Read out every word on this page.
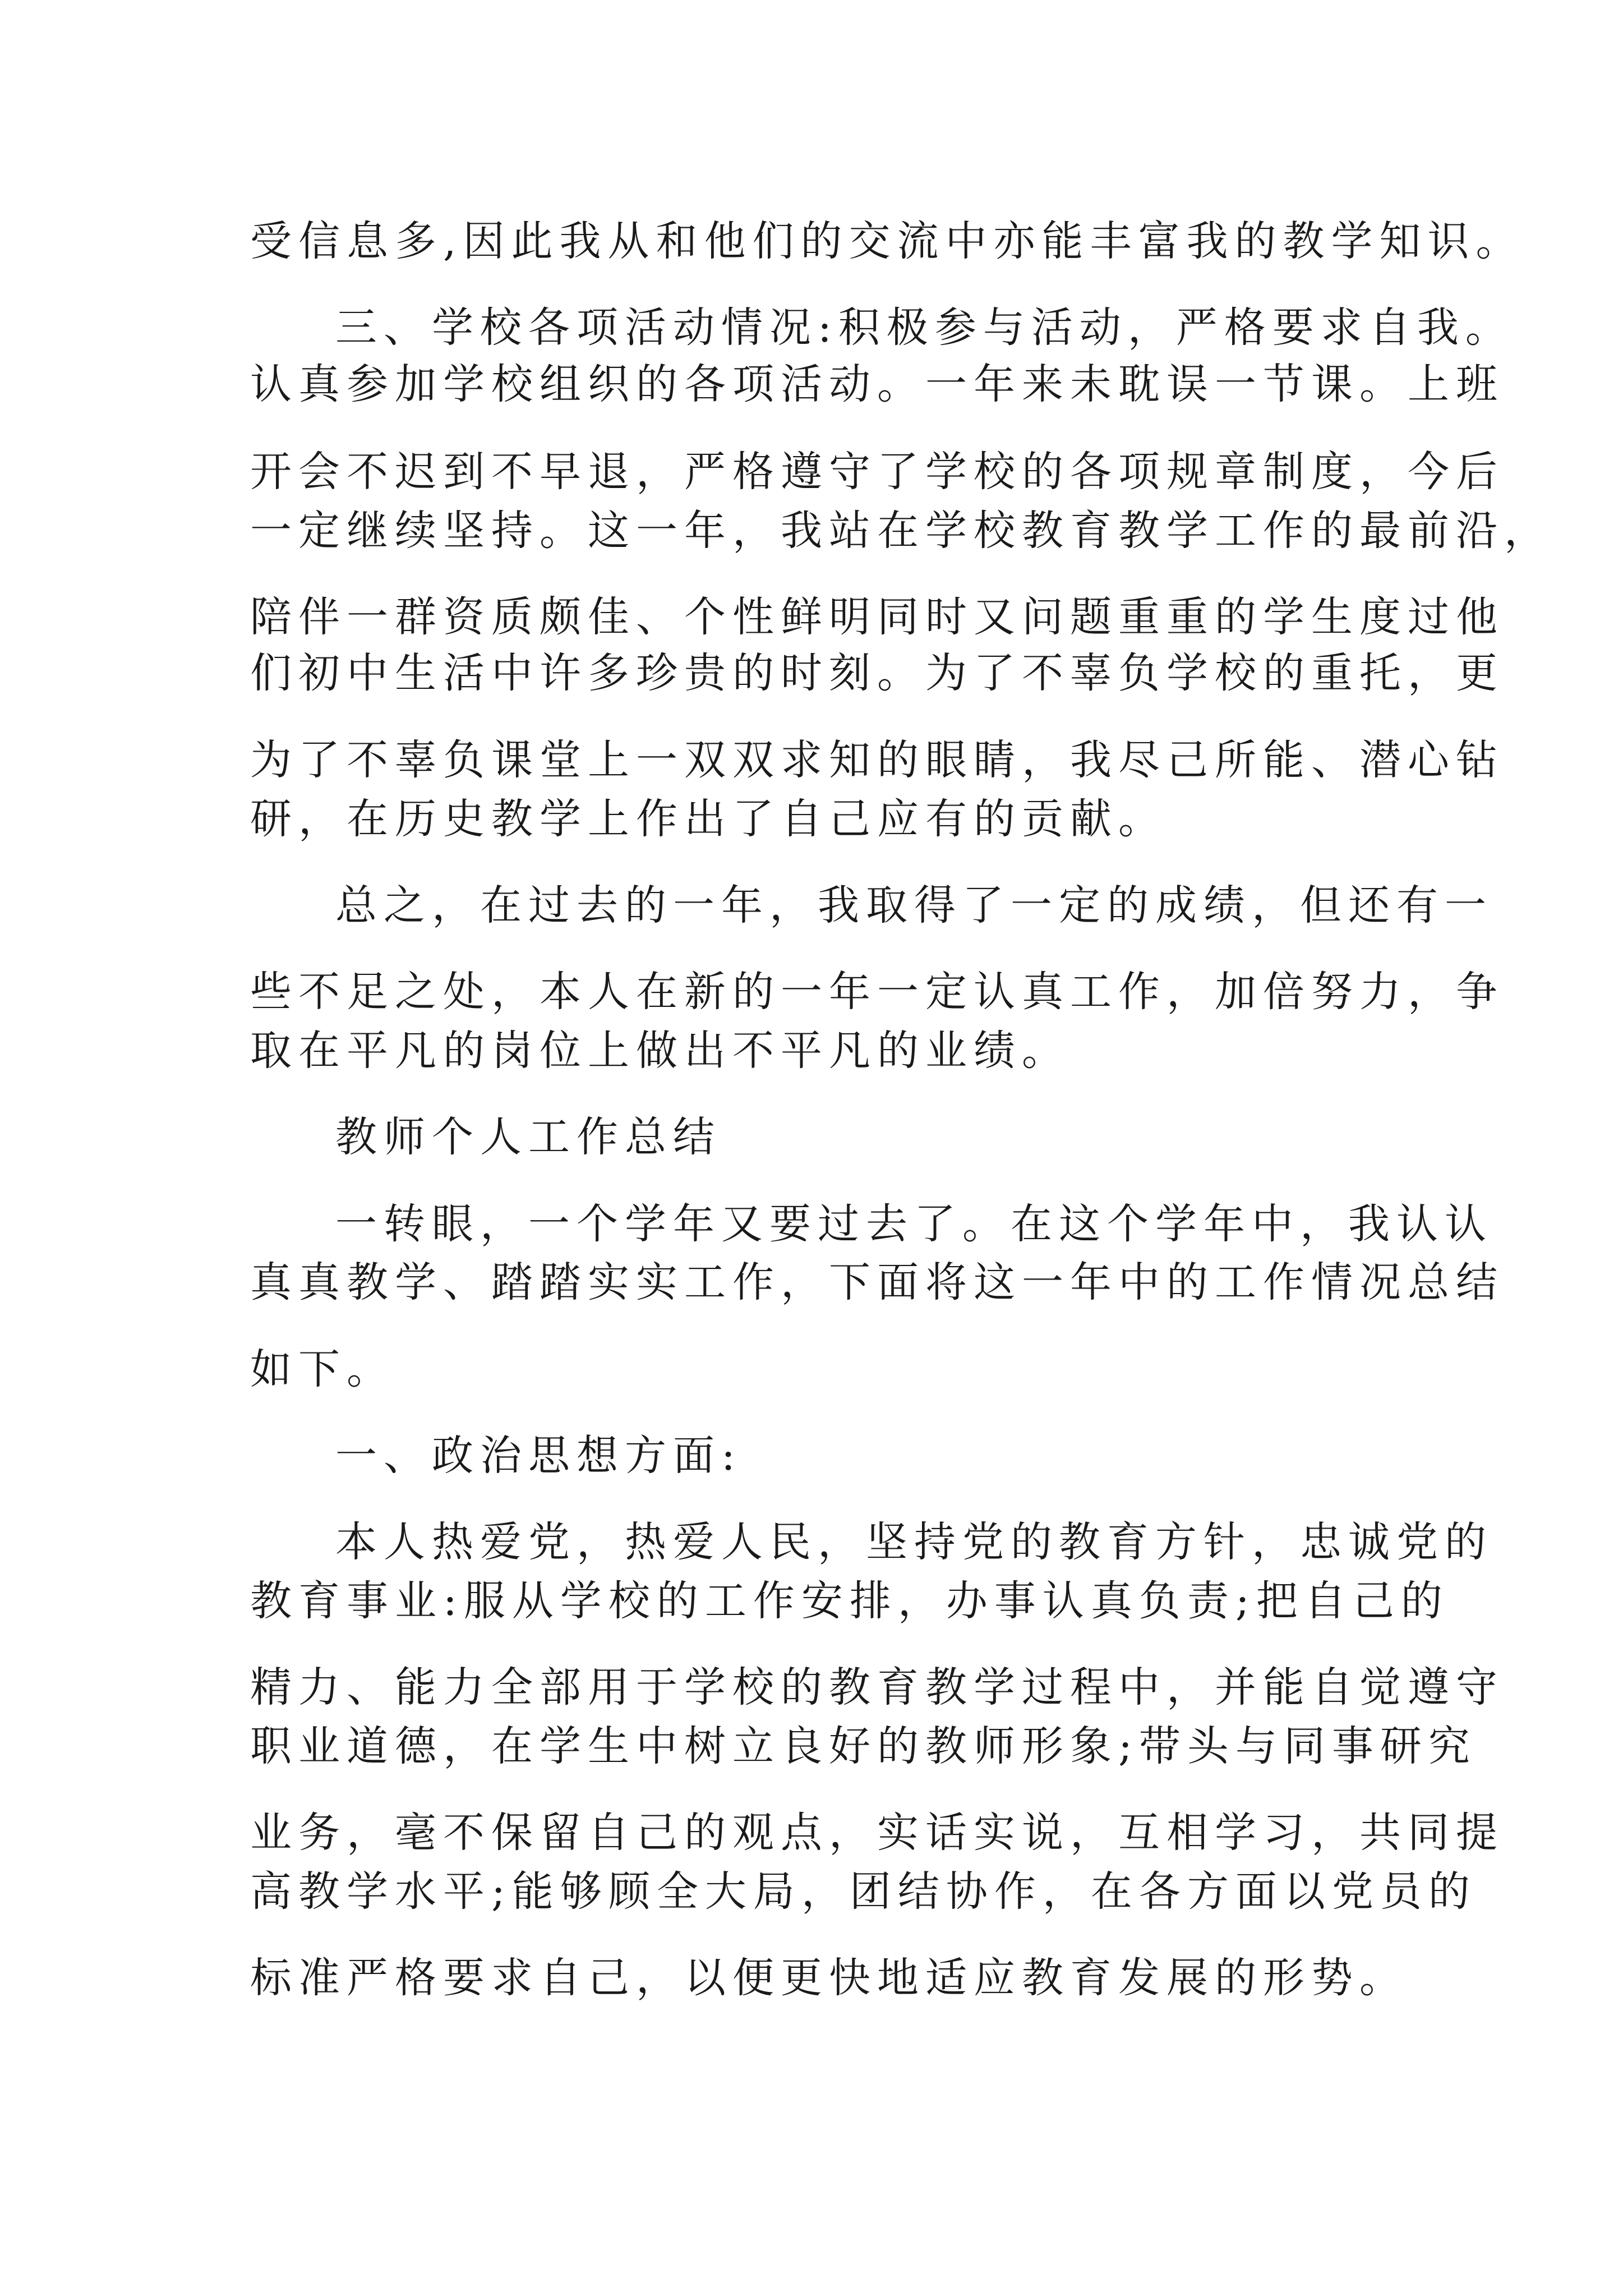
受信息多,因此我从和他们的交流中亦能丰富我的教学知识。
三、学校各项活动情况:积极参与活动，严格要求自我。
认真参加学校组织的各项活动。一年来未耽误一节课。上班
开会不迟到不早退，严格遵守了学校的各项规章制度，今后
一定继续坚持。这一年，我站在学校教育教学工作的最前沿，
陪伴一群资质颇佳、个性鲜明同时又问题重重的学生度过他
们初中生活中许多珍贵的时刻。为了不辜负学校的重托，更
为了不辜负课堂上一双双求知的眼睛，我尽己所能、潜心钻
研，在历史教学上作出了自己应有的贡献。
总之，在过去的一年，我取得了一定的成绩，但还有一
些不足之处，本人在新的一年一定认真工作，加倍努力，争
取在平凡的岗位上做出不平凡的业绩。
教师个人工作总结
一转眼，一个学年又要过去了。在这个学年中，我认认
真真教学、踏踏实实工作，下面将这一年中的工作情况总结
如下。
一、政治思想方面:
本人热爱党，热爱人民，坚持党的教育方针，忠诚党的
教育事业:服从学校的工作安排，办事认真负责;把自己的
精力、能力全部用于学校的教育教学过程中，并能自觉遵守
职业道德，在学生中树立良好的教师形象;带头与同事研究
业务，毫不保留自己的观点，实话实说，互相学习，共同提
高教学水平;能够顾全大局，团结协作，在各方面以党员的
标准严格要求自己，以便更快地适应教育发展的形势。
